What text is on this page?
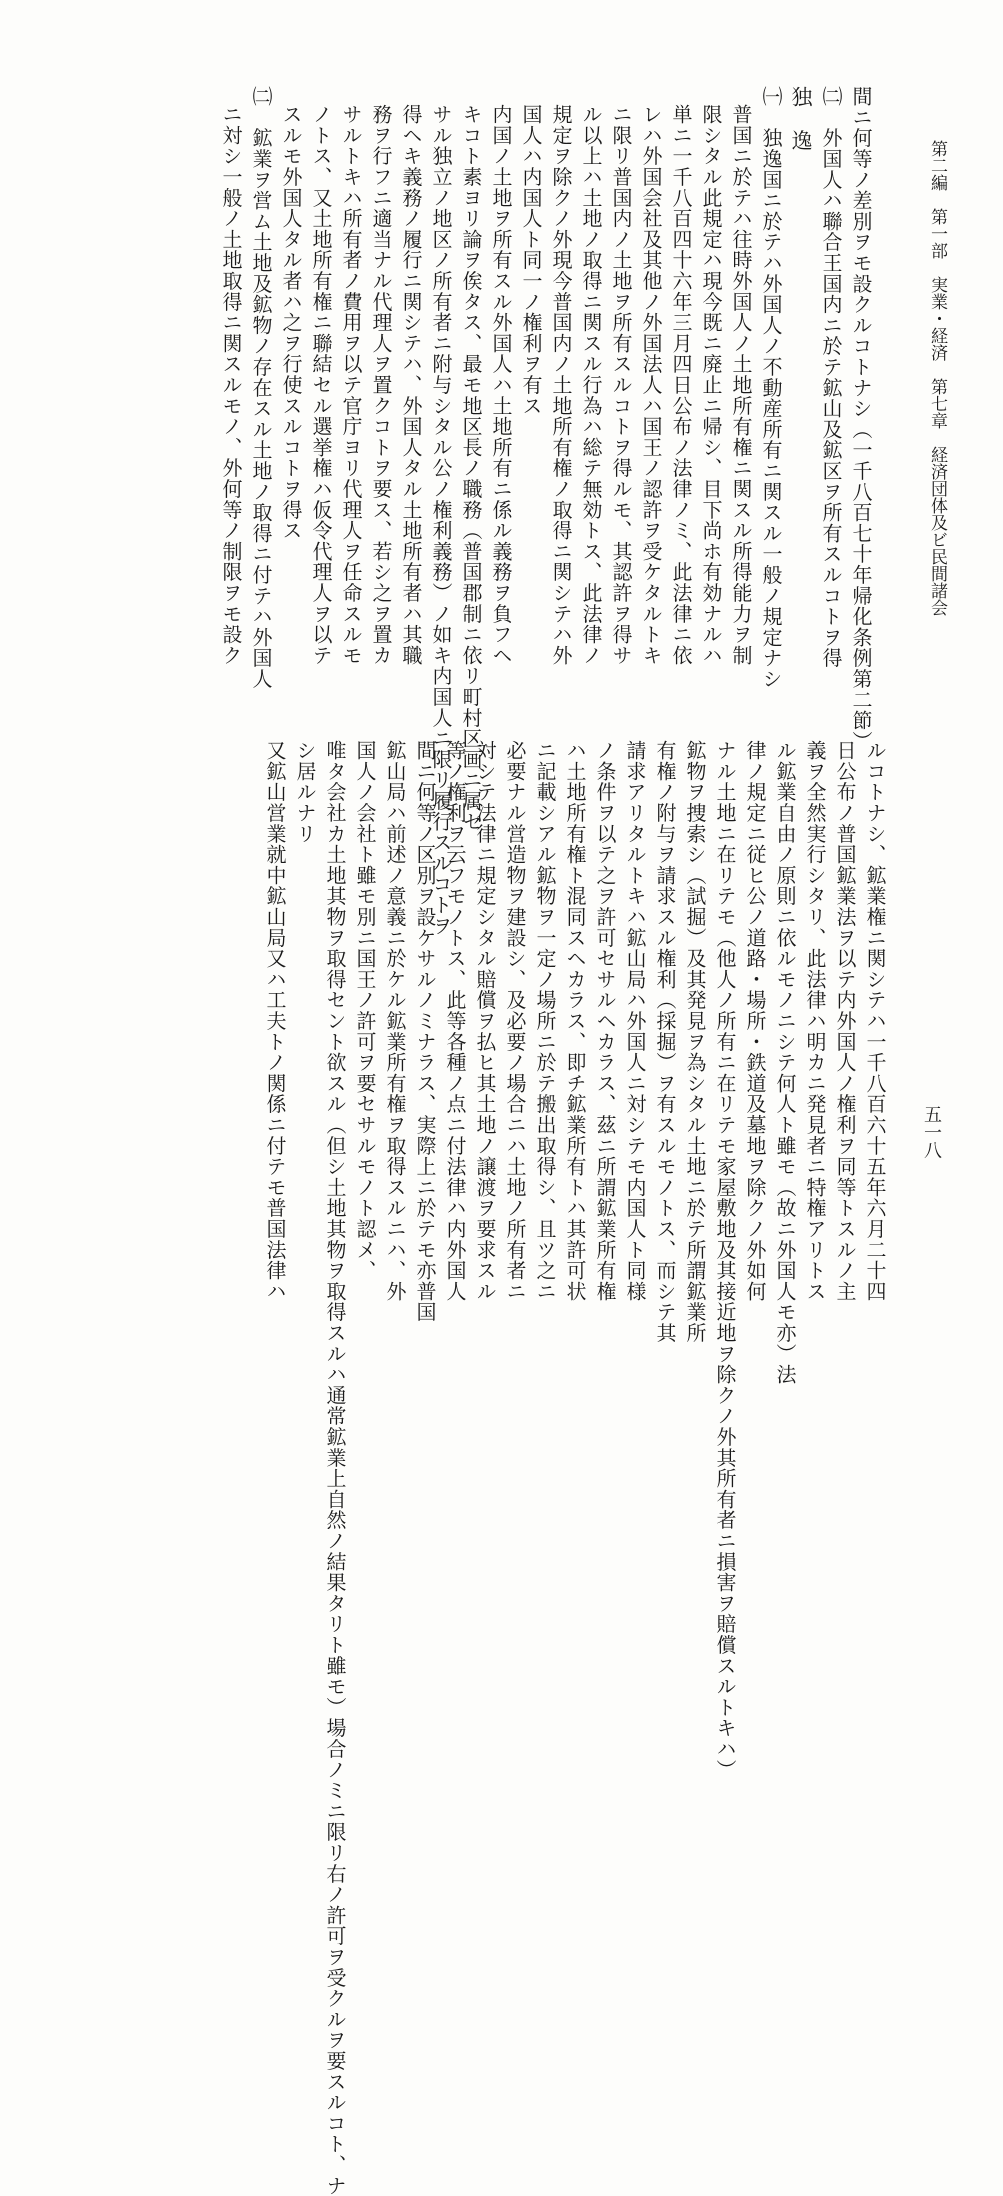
第二編　第一部　実業・経済　第七章　経済団体及ビ民間諸会
五一八
間ニ何等ノ差別ヲモ設クルコトナシ（一千八百七十年帰化条例第二節）
㈡　外国人ハ聯合王国内ニ於テ鉱山及鉱区ヲ所有スルコトヲ得
独　逸
㈠　独逸国ニ於テハ外国人ノ不動産所有ニ関スル一般ノ規定ナシ
普国ニ於テハ往時外国人ノ土地所有権ニ関スル所得能力ヲ制
限シタル此規定ハ現今既ニ廃止ニ帰シ、目下尚ホ有効ナルハ
単ニ一千八百四十六年三月四日公布ノ法律ノミ、此法律ニ依
レハ外国会社及其他ノ外国法人ハ国王ノ認許ヲ受ケタルトキ
ニ限リ普国内ノ土地ヲ所有スルコトヲ得ルモ、其認許ヲ得サ
ル以上ハ土地ノ取得ニ関スル行為ハ総テ無効トス、此法律ノ
規定ヲ除クノ外現今普国内ノ土地所有権ノ取得ニ関シテハ外
国人ハ内国人ト同一ノ権利ヲ有ス
内国ノ土地ヲ所有スル外国人ハ土地所有ニ係ル義務ヲ負フヘ
キコト素ヨリ論ヲ俟タス、最モ地区長ノ職務（普国郡制ニ依リ町村区画ニ属セ
サル独立ノ地区ノ所有者ニ附与シタル公ノ権利義務）ノ如キ内国人ニ限リ履行スルコトヲ
得ヘキ義務ノ履行ニ関シテハ、外国人タル土地所有者ハ其職
務ヲ行フニ適当ナル代理人ヲ置クコトヲ要ス、若シ之ヲ置カ
サルトキハ所有者ノ費用ヲ以テ官庁ヨリ代理人ヲ任命スルモ
ノトス、又土地所有権ニ聯結セル選挙権ハ仮令代理人ヲ以テ
スルモ外国人タル者ハ之ヲ行使スルコトヲ得ス
㈡　鉱業ヲ営ム土地及鉱物ノ存在スル土地ノ取得ニ付テハ外国人
ニ対シ一般ノ土地取得ニ関スルモノ、外何等ノ制限ヲモ設ク
ルコトナシ、鉱業権ニ関シテハ一千八百六十五年六月二十四
日公布ノ普国鉱業法ヲ以テ内外国人ノ権利ヲ同等トスルノ主
義ヲ全然実行シタリ、此法律ハ明カニ発見者ニ特権アリトス
ル鉱業自由ノ原則ニ依ルモノニシテ何人ト雖モ（故ニ外国人モ亦）法
律ノ規定ニ従ヒ公ノ道路・場所・鉄道及墓地ヲ除クノ外如何
ナル土地ニ在リテモ（他人ノ所有ニ在リテモ家屋敷地及其接近地ヲ除クノ外其所有者ニ損害ヲ賠償スルトキハ）
鉱物ヲ捜索シ（試掘）及其発見ヲ為シタル土地ニ於テ所謂鉱業所
有権ノ附与ヲ請求スル権利（採掘）ヲ有スルモノトス、而シテ其
請求アリタルトキハ鉱山局ハ外国人ニ対シテモ内国人ト同様
ノ条件ヲ以テ之ヲ許可セサルヘカラス、茲ニ所謂鉱業所有権
ハ土地所有権ト混同スヘカラス、即チ鉱業所有トハ其許可状
ニ記載シアル鉱物ヲ一定ノ場所ニ於テ搬出取得シ、且ツ之ニ
必要ナル営造物ヲ建設シ、及必要ノ場合ニハ土地ノ所有者ニ
対シテ法律ニ規定シタル賠償ヲ払ヒ其土地ノ譲渡ヲ要求スル
等ノ権利ヲ云フモノトス、此等各種ノ点ニ付法律ハ内外国人
間ニ何等ノ区別ヲ設ケサルノミナラス、実際上ニ於テモ亦普国
鉱山局ハ前述ノ意義ニ於ケル鉱業所有権ヲ取得スルニハ、外
国人ノ会社ト雖モ別ニ国王ノ許可ヲ要セサルモノト認メ、
唯タ会社カ土地其物ヲ取得セント欲スル（但シ土地其物ヲ取得スルハ通常鉱業上自然ノ結果タリト雖モ）場合ノミニ限リ右ノ許可ヲ受クルヲ要スルコト、ナ
シ居ルナリ
又鉱山営業就中鉱山局又ハ工夫トノ関係ニ付テモ普国法律ハ
